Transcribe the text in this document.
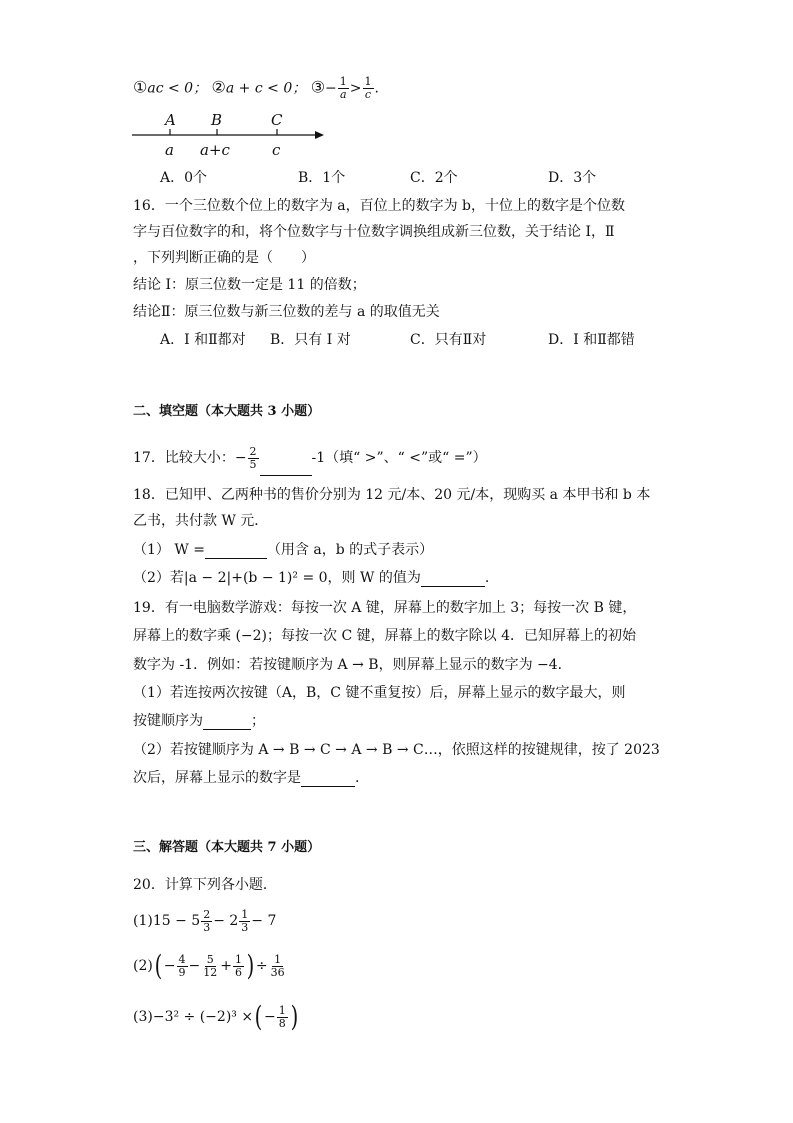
①ac < 0； ②a + c < 0； ③− $\frac{1}{a} > \frac{1}{c}$ .
A B	C
a a+c	c
A．0个	B．1个	C．2个	D．3个
16．一个三位数个位上的数字为 a，百位上的数字为 b，十位上的数字是个位数
字与百位数字的和，将个位数字与十位数字调换组成新三位数，关于结论 I，Ⅱ
，下列判断正确的是（　　）
结论 I：原三位数一定是 11 的倍数；
结论Ⅱ：原三位数与新三位数的差与 a 的取值无关
A．I 和Ⅱ都对 B．只有 I 对	C．只有Ⅱ对	D．I 和Ⅱ都错
二、填空题（本大题共 3 小题）
17．比较大小：− $\frac{2}{5}$	-1（填“ >”、“ <”或“ =”）
18．已知甲、乙两种书的售价分别为 12 元/本、20 元/本，现购买 a 本甲书和 b 本
乙书，共付款 W 元．
（1） W =	（用含 a，b 的式子表示）
（2）若|a − 2|+(b − 1)² = 0，则 W 的值为	.
19．有一电脑数学游戏：每按一次 A 键，屏幕上的数字加上 3；每按一次 B 键，
屏幕上的数字乘 (−2)；每按一次 C 键，屏幕上的数字除以 4．已知屏幕上的初始
数字为 -1．例如：若按键顺序为 A → B，则屏幕上显示的数字为 −4．
（1）若连按两次按键（A，B，C 键不重复按）后，屏幕上显示的数字最大，则
按键顺序为	；
（2）若按键顺序为 A → B → C → A → B → C…，依照这样的按键规律，按了 2023
次后，屏幕上显示的数字是	.
三、解答题（本大题共 7 小题）
20．计算下列各小题．
$(1)15 - 5 \frac{2}{3} - 2 \frac{1}{3} - 7$
$(2)( - \frac{4}{9} - \frac{5}{12} + \frac{1}{6}$ ) ÷ $\frac{1}{36}$
(3)−3² ÷ (−2)³ ×( − $\frac{1}{8}$ )
